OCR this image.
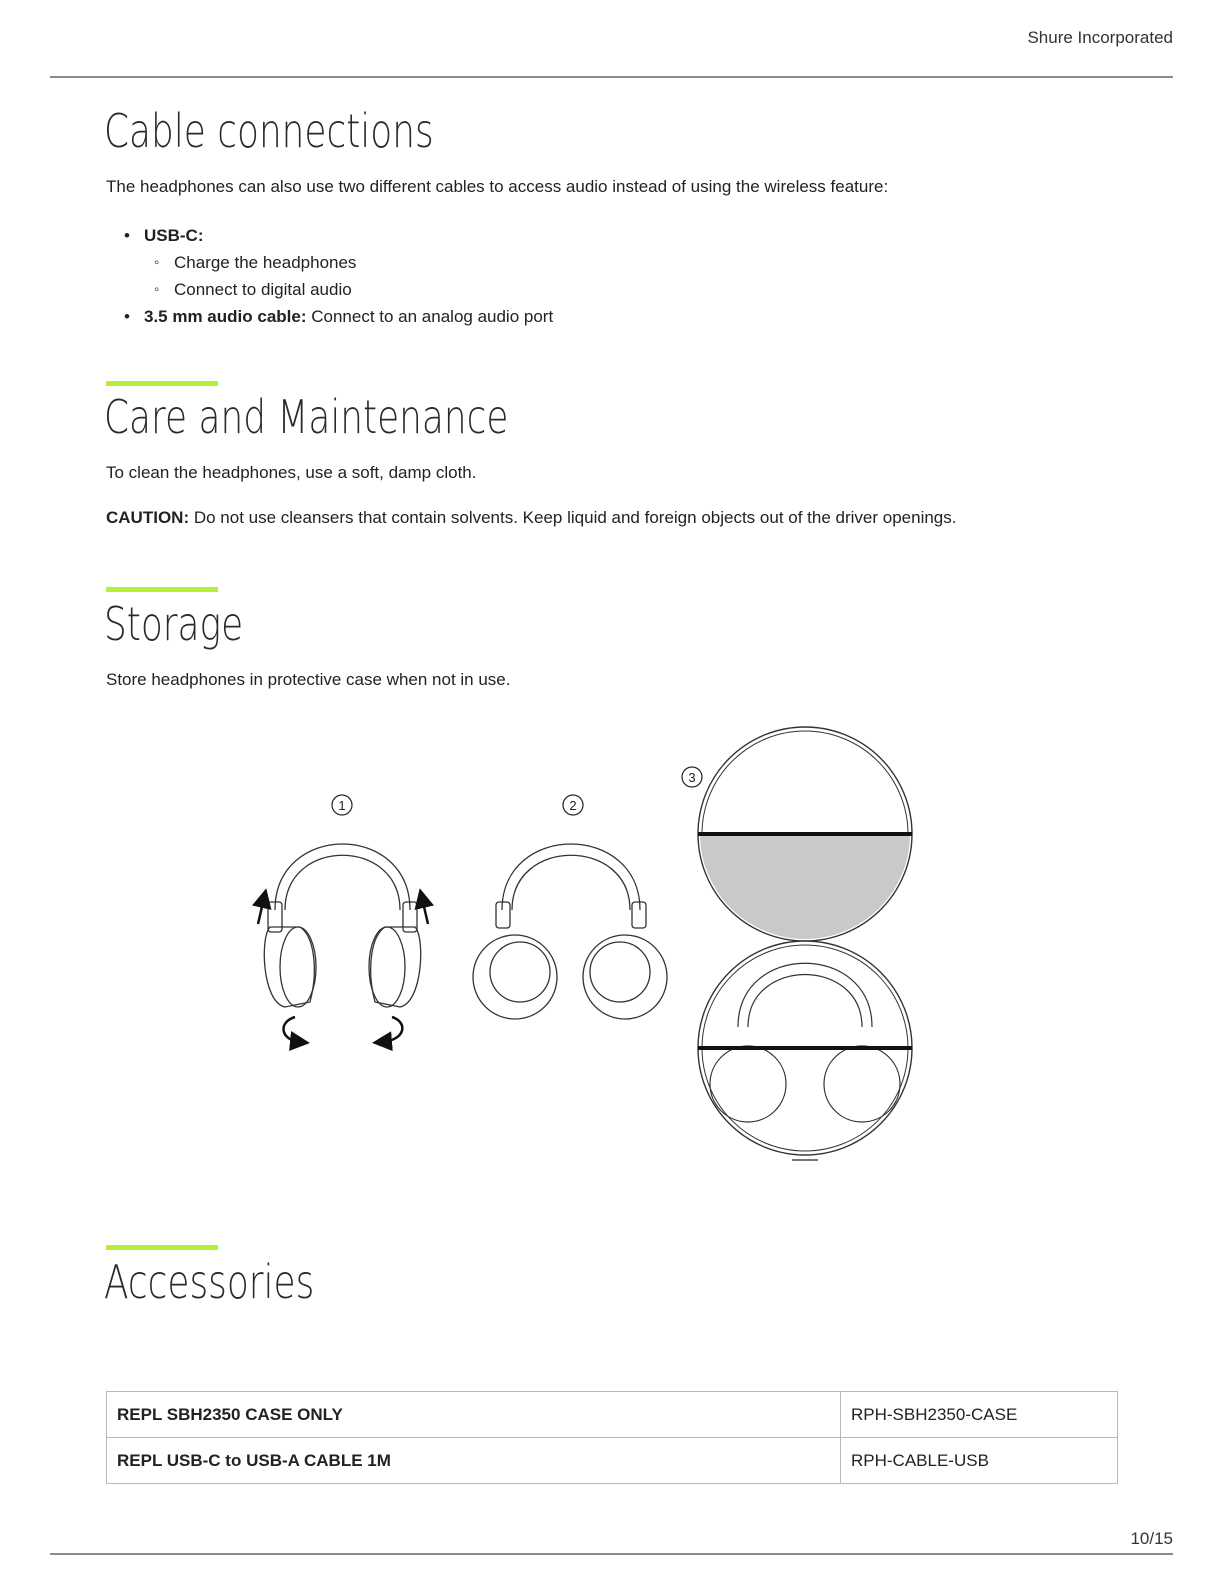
Shure Incorporated
Cable connections
The headphones can also use two different cables to access audio instead of using the wireless feature:
• USB-C:
◦ Charge the headphones
◦ Connect to digital audio
• 3.5 mm audio cable: Connect to an analog audio port
Care and Maintenance
To clean the headphones, use a soft, damp cloth.
CAUTION: Do not use cleansers that contain solvents. Keep liquid and foreign objects out of the driver openings.
Storage
Store headphones in protective case when not in use.
1	2
3
Accessories
REPL SBH2350 CASE ONLY	RPH-SBH2350-CASE
REPL USB-C to USB-A CABLE 1M	RPH-CABLE-USB
10/15
